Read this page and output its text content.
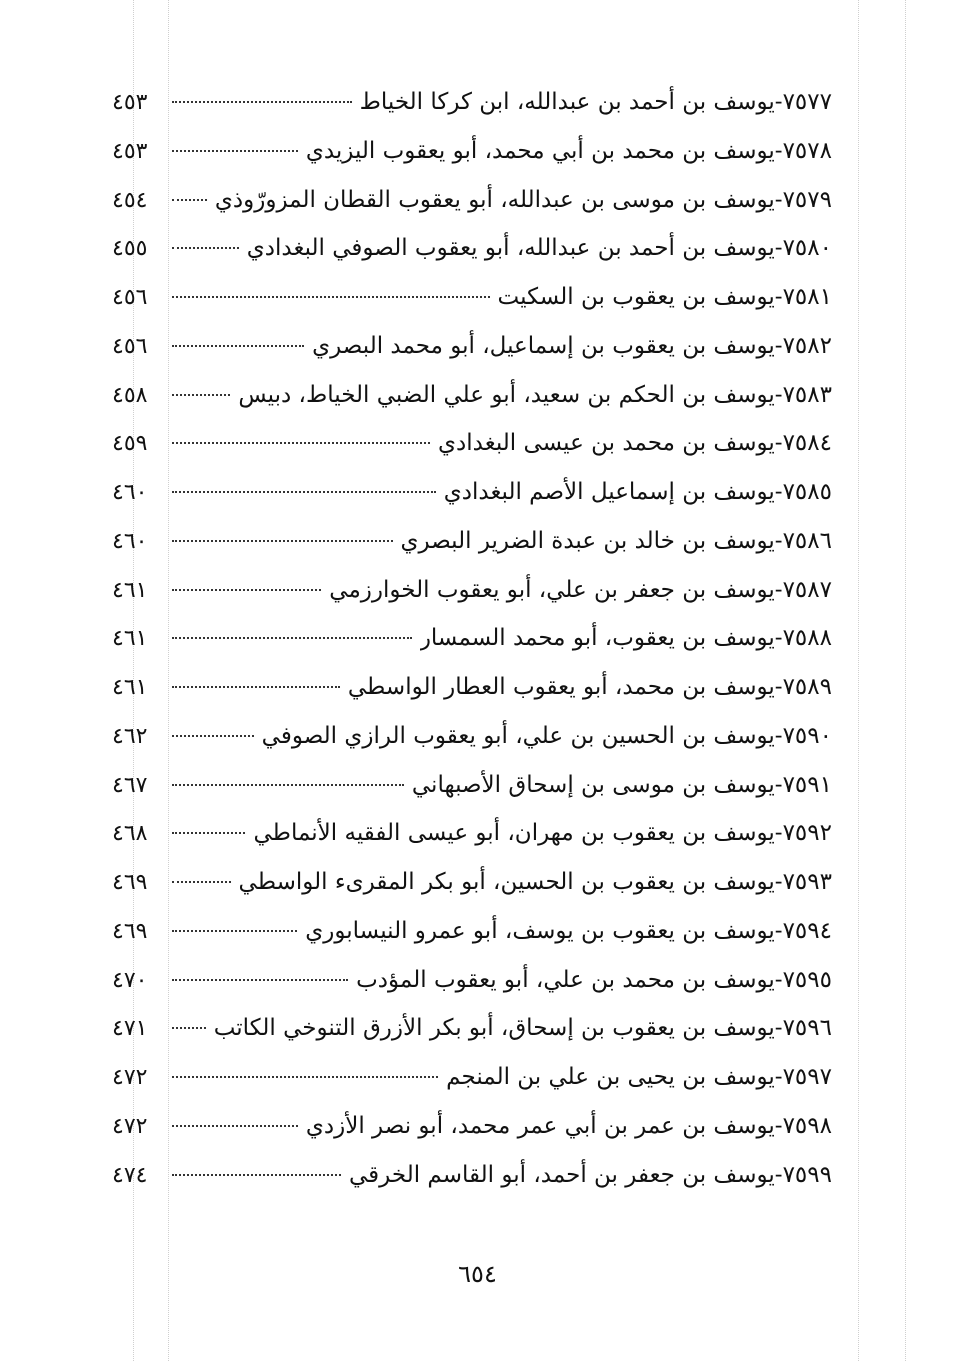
٧٥٧٧-
يوسف بن أحمد بن عبدالله، ابن كركا الخياط
٤٥٣
٧٥٧٨-
يوسف بن محمد بن أبي محمد، أبو يعقوب اليزيدي
٤٥٣
٧٥٧٩-
يوسف بن موسى بن عبدالله، أبو يعقوب القطان المزورّوذي
٤٥٤
٧٥٨٠-
يوسف بن أحمد بن عبدالله، أبو يعقوب الصوفي البغدادي
٤٥٥
٧٥٨١-
يوسف بن يعقوب بن السكيت
٤٥٦
٧٥٨٢-
يوسف بن يعقوب بن إسماعيل، أبو محمد البصري
٤٥٦
٧٥٨٣-
يوسف بن الحكم بن سعيد، أبو علي الضبي الخياط، دبيس
٤٥٨
٧٥٨٤-
يوسف بن محمد بن عيسى البغدادي
٤٥٩
٧٥٨٥-
يوسف بن إسماعيل الأصم البغدادي
٤٦٠
٧٥٨٦-
يوسف بن خالد بن عبدة الضرير البصري
٤٦٠
٧٥٨٧-
يوسف بن جعفر بن علي، أبو يعقوب الخوارزمي
٤٦١
٧٥٨٨-
يوسف بن يعقوب، أبو محمد السمسار
٤٦١
٧٥٨٩-
يوسف بن محمد، أبو يعقوب العطار الواسطي
٤٦١
٧٥٩٠-
يوسف بن الحسين بن علي، أبو يعقوب الرازي الصوفي
٤٦٢
٧٥٩١-
يوسف بن موسى بن إسحاق الأصبهاني
٤٦٧
٧٥٩٢-
يوسف بن يعقوب بن مهران، أبو عيسى الفقيه الأنماطي
٤٦٨
٧٥٩٣-
يوسف بن يعقوب بن الحسين، أبو بكر المقرىء الواسطي
٤٦٩
٧٥٩٤-
يوسف بن يعقوب بن يوسف، أبو عمرو النيسابوري
٤٦٩
٧٥٩٥-
يوسف بن محمد بن علي، أبو يعقوب المؤدب
٤٧٠
٧٥٩٦-
يوسف بن يعقوب بن إسحاق، أبو بكر الأزرق التنوخي الكاتب
٤٧١
٧٥٩٧-
يوسف بن يحيى بن علي بن المنجم
٤٧٢
٧٥٩٨-
يوسف بن عمر بن أبي عمر محمد، أبو نصر الأزدي
٤٧٢
٧٥٩٩-
يوسف بن جعفر بن أحمد، أبو القاسم الخرقي
٤٧٤
٦٥٤
